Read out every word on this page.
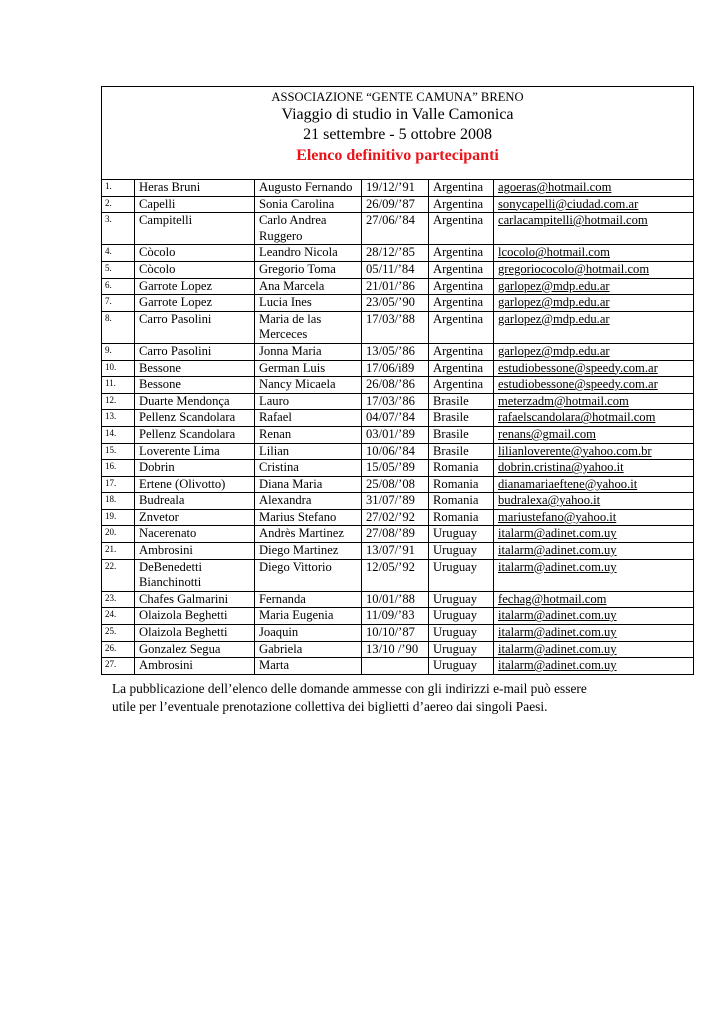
ASSOCIAZIONE “GENTE CAMUNA” BRENO
Viaggio di studio in Valle Camonica
21 settembre - 5 ottobre 2008
Elenco definitivo partecipanti					

1.	Heras Bruni	Augusto Fernando	19/12/’91	Argentina	agoeras@hotmail.com
2.	Capelli	Sonia Carolina	26/09/’87	Argentina	sonycapelli@ciudad.com.ar
3.	Campitelli	Carlo Andrea Ruggero	27/06/’84	Argentina	carlacampitelli@hotmail.com
4.	Còcolo	Leandro Nicola	28/12/’85	Argentina	lcocolo@hotmail.com
5.	Còcolo	Gregorio Toma	05/11/’84	Argentina	gregoriococolo@hotmail.com
6.	Garrote Lopez	Ana Marcela	21/01/’86	Argentina	garlopez@mdp.edu.ar
7.	Garrote Lopez	Lucia Ines	23/05/’90	Argentina	garlopez@mdp.edu.ar
8.	Carro Pasolini	Maria de las Merceces	17/03/’88	Argentina	garlopez@mdp.edu.ar
9.	Carro Pasolini	Jonna Maria	13/05/’86	Argentina	garlopez@mdp.edu.ar
10.	Bessone	German Luis	17/06/i89	Argentina	estudiobessone@speedy.com.ar
11.	Bessone	Nancy Micaela	26/08/’86	Argentina	estudiobessone@speedy.com.ar
12.	Duarte Mendonça	Lauro	17/03/’86	Brasile	meterzadm@hotmail.com
13.	Pellenz Scandolara	Rafael	04/07/’84	Brasile	rafaelscandolara@hotmail.com
14.	Pellenz Scandolara	Renan	03/01/’89	Brasile	renans@gmail.com
15.	Loverente Lima	Lilian	10/06/’84	Brasile	lilianloverente@yahoo.com.br
16.	Dobrin	Cristina	15/05/’89	Romania	dobrin.cristina@yahoo.it
17.	Ertene (Olivotto)	Diana Maria	25/08/’08	Romania	dianamariaeftene@yahoo.it
18.	Budreala	Alexandra	31/07/’89	Romania	budralexa@yahoo.it
19.	Znvetor	Marius Stefano	27/02/’92	Romania	mariustefano@yahoo.it
20.	Nacerenato	Andrès Martinez	27/08/’89	Uruguay	italarm@adinet.com.uy
21.	Ambrosini	Diego Martinez	13/07/’91	Uruguay	italarm@adinet.com.uy
22.	DeBenedetti Bianchinotti	Diego Vittorio	12/05/’92	Uruguay	italarm@adinet.com.uy
23.	Chafes Galmarini	Fernanda	10/01/’88	Uruguay	fechag@hotmail.com
24.	Olaizola Beghetti	Maria Eugenia	11/09/’83	Uruguay	italarm@adinet.com.uy
25.	Olaizola Beghetti	Joaquin	10/10/’87	Uruguay	italarm@adinet.com.uy
26.	Gonzalez Segua	Gabriela	13/10 /’90	Uruguay	italarm@adinet.com.uy
27.	Ambrosini	Marta		Uruguay	italarm@adinet.com.uy

La pubblicazione dell’elenco delle domande ammesse con gli indirizzi e-mail può essere

utile per l’eventuale prenotazione collettiva dei biglietti d’aereo dai singoli Paesi.
